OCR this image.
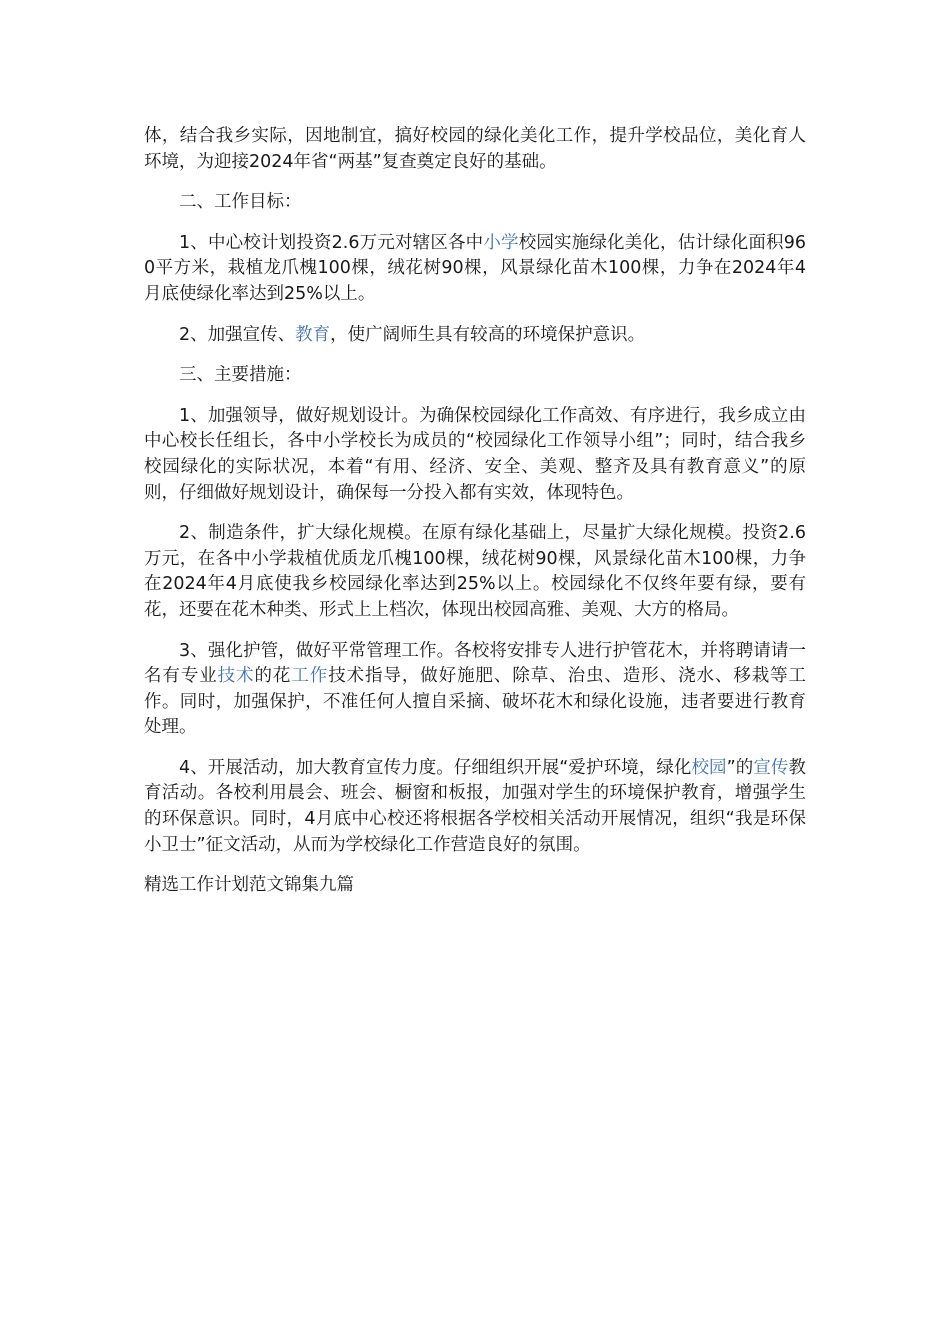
体，结合我乡实际，因地制宜，搞好校园的绿化美化工作，提升学校品位，美化育人环境，为迎接2024年省“两基”复查奠定良好的基础。

二、工作目标：

1、中心校计划投资2.6万元对辖区各中小学校园实施绿化美化，估计绿化面积960平方米，栽植龙爪槐100棵，绒花树90棵，风景绿化苗木100棵，力争在2024年4月底使绿化率达到25%以上。

2、加强宣传、教育，使广阔师生具有较高的环境保护意识。

三、主要措施：

1、加强领导，做好规划设计。为确保校园绿化工作高效、有序进行，我乡成立由中心校长任组长，各中小学校长为成员的“校园绿化工作领导小组”；同时，结合我乡校园绿化的实际状况，本着“有用、经济、安全、美观、整齐及具有教育意义”的原则，仔细做好规划设计，确保每一分投入都有实效，体现特色。

2、制造条件，扩大绿化规模。在原有绿化基础上，尽量扩大绿化规模。投资2.6万元，在各中小学栽植优质龙爪槐100棵，绒花树90棵，风景绿化苗木100棵，力争在2024年4月底使我乡校园绿化率达到25%以上。校园绿化不仅终年要有绿，要有花，还要在花木种类、形式上上档次，体现出校园高雅、美观、大方的格局。

3、强化护管，做好平常管理工作。各校将安排专人进行护管花木，并将聘请请一名有专业技术的花工作技术指导，做好施肥、除草、治虫、造形、浇水、移栽等工作。同时，加强保护，不准任何人擅自采摘、破坏花木和绿化设施，违者要进行教育处理。

4、开展活动，加大教育宣传力度。仔细组织开展“爱护环境，绿化校园”的宣传教育活动。各校利用晨会、班会、橱窗和板报，加强对学生的环境保护教育，增强学生的环保意识。同时，4月底中心校还将根据各学校相关活动开展情况，组织“我是环保小卫士”征文活动，从而为学校绿化工作营造良好的氛围。

精选工作计划范文锦集九篇
